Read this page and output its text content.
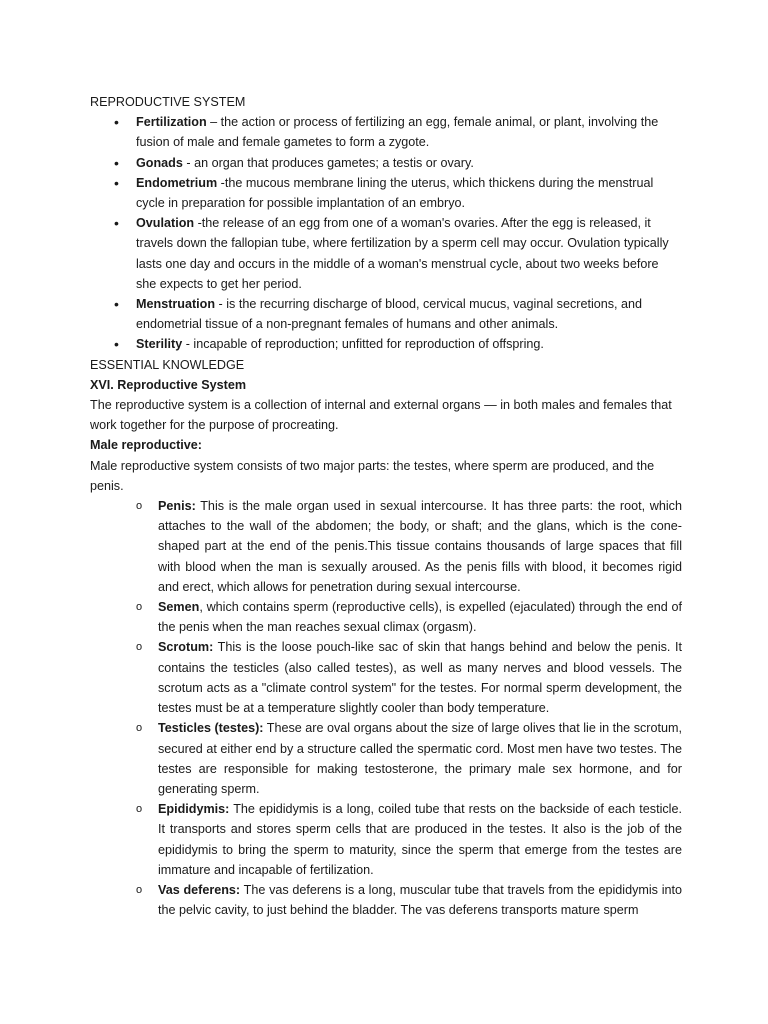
REPRODUCTIVE SYSTEM

• Fertilization – the action or process of fertilizing an egg, female animal, or plant, involving the fusion of male and female gametes to form a zygote.
• Gonads - an organ that produces gametes; a testis or ovary.
• Endometrium -the mucous membrane lining the uterus, which thickens during the menstrual cycle in preparation for possible implantation of an embryo.
• Ovulation -the release of an egg from one of a woman's ovaries. After the egg is released, it travels down the fallopian tube, where fertilization by a sperm cell may occur. Ovulation typically lasts one day and occurs in the middle of a woman's menstrual cycle, about two weeks before she expects to get her period.
• Menstruation - is the recurring discharge of blood, cervical mucus, vaginal secretions, and endometrial tissue of a non-pregnant females of humans and other animals.
• Sterility - incapable of reproduction; unfitted for reproduction of offspring.

ESSENTIAL KNOWLEDGE

XVI. Reproductive System

The reproductive system is a collection of internal and external organs — in both males and females that work together for the purpose of procreating.

Male reproductive:

Male reproductive system consists of two major parts: the testes, where sperm are produced, and the penis.

o Penis: This is the male organ used in sexual intercourse. It has three parts: the root, which attaches to the wall of the abdomen; the body, or shaft; and the glans, which is the cone-shaped part at the end of the penis.This tissue contains thousands of large spaces that fill with blood when the man is sexually aroused. As the penis fills with blood, it becomes rigid and erect, which allows for penetration during sexual intercourse.
o Semen, which contains sperm (reproductive cells), is expelled (ejaculated) through the end of the penis when the man reaches sexual climax (orgasm).
o Scrotum: This is the loose pouch-like sac of skin that hangs behind and below the penis. It contains the testicles (also called testes), as well as many nerves and blood vessels. The scrotum acts as a "climate control system" for the testes. For normal sperm development, the testes must be at a temperature slightly cooler than body temperature.
o Testicles (testes): These are oval organs about the size of large olives that lie in the scrotum, secured at either end by a structure called the spermatic cord. Most men have two testes. The testes are responsible for making testosterone, the primary male sex hormone, and for generating sperm.
o Epididymis: The epididymis is a long, coiled tube that rests on the backside of each testicle. It transports and stores sperm cells that are produced in the testes. It also is the job of the epididymis to bring the sperm to maturity, since the sperm that emerge from the testes are immature and incapable of fertilization.
o Vas deferens: The vas deferens is a long, muscular tube that travels from the epididymis into the pelvic cavity, to just behind the bladder. The vas deferens transports mature sperm
